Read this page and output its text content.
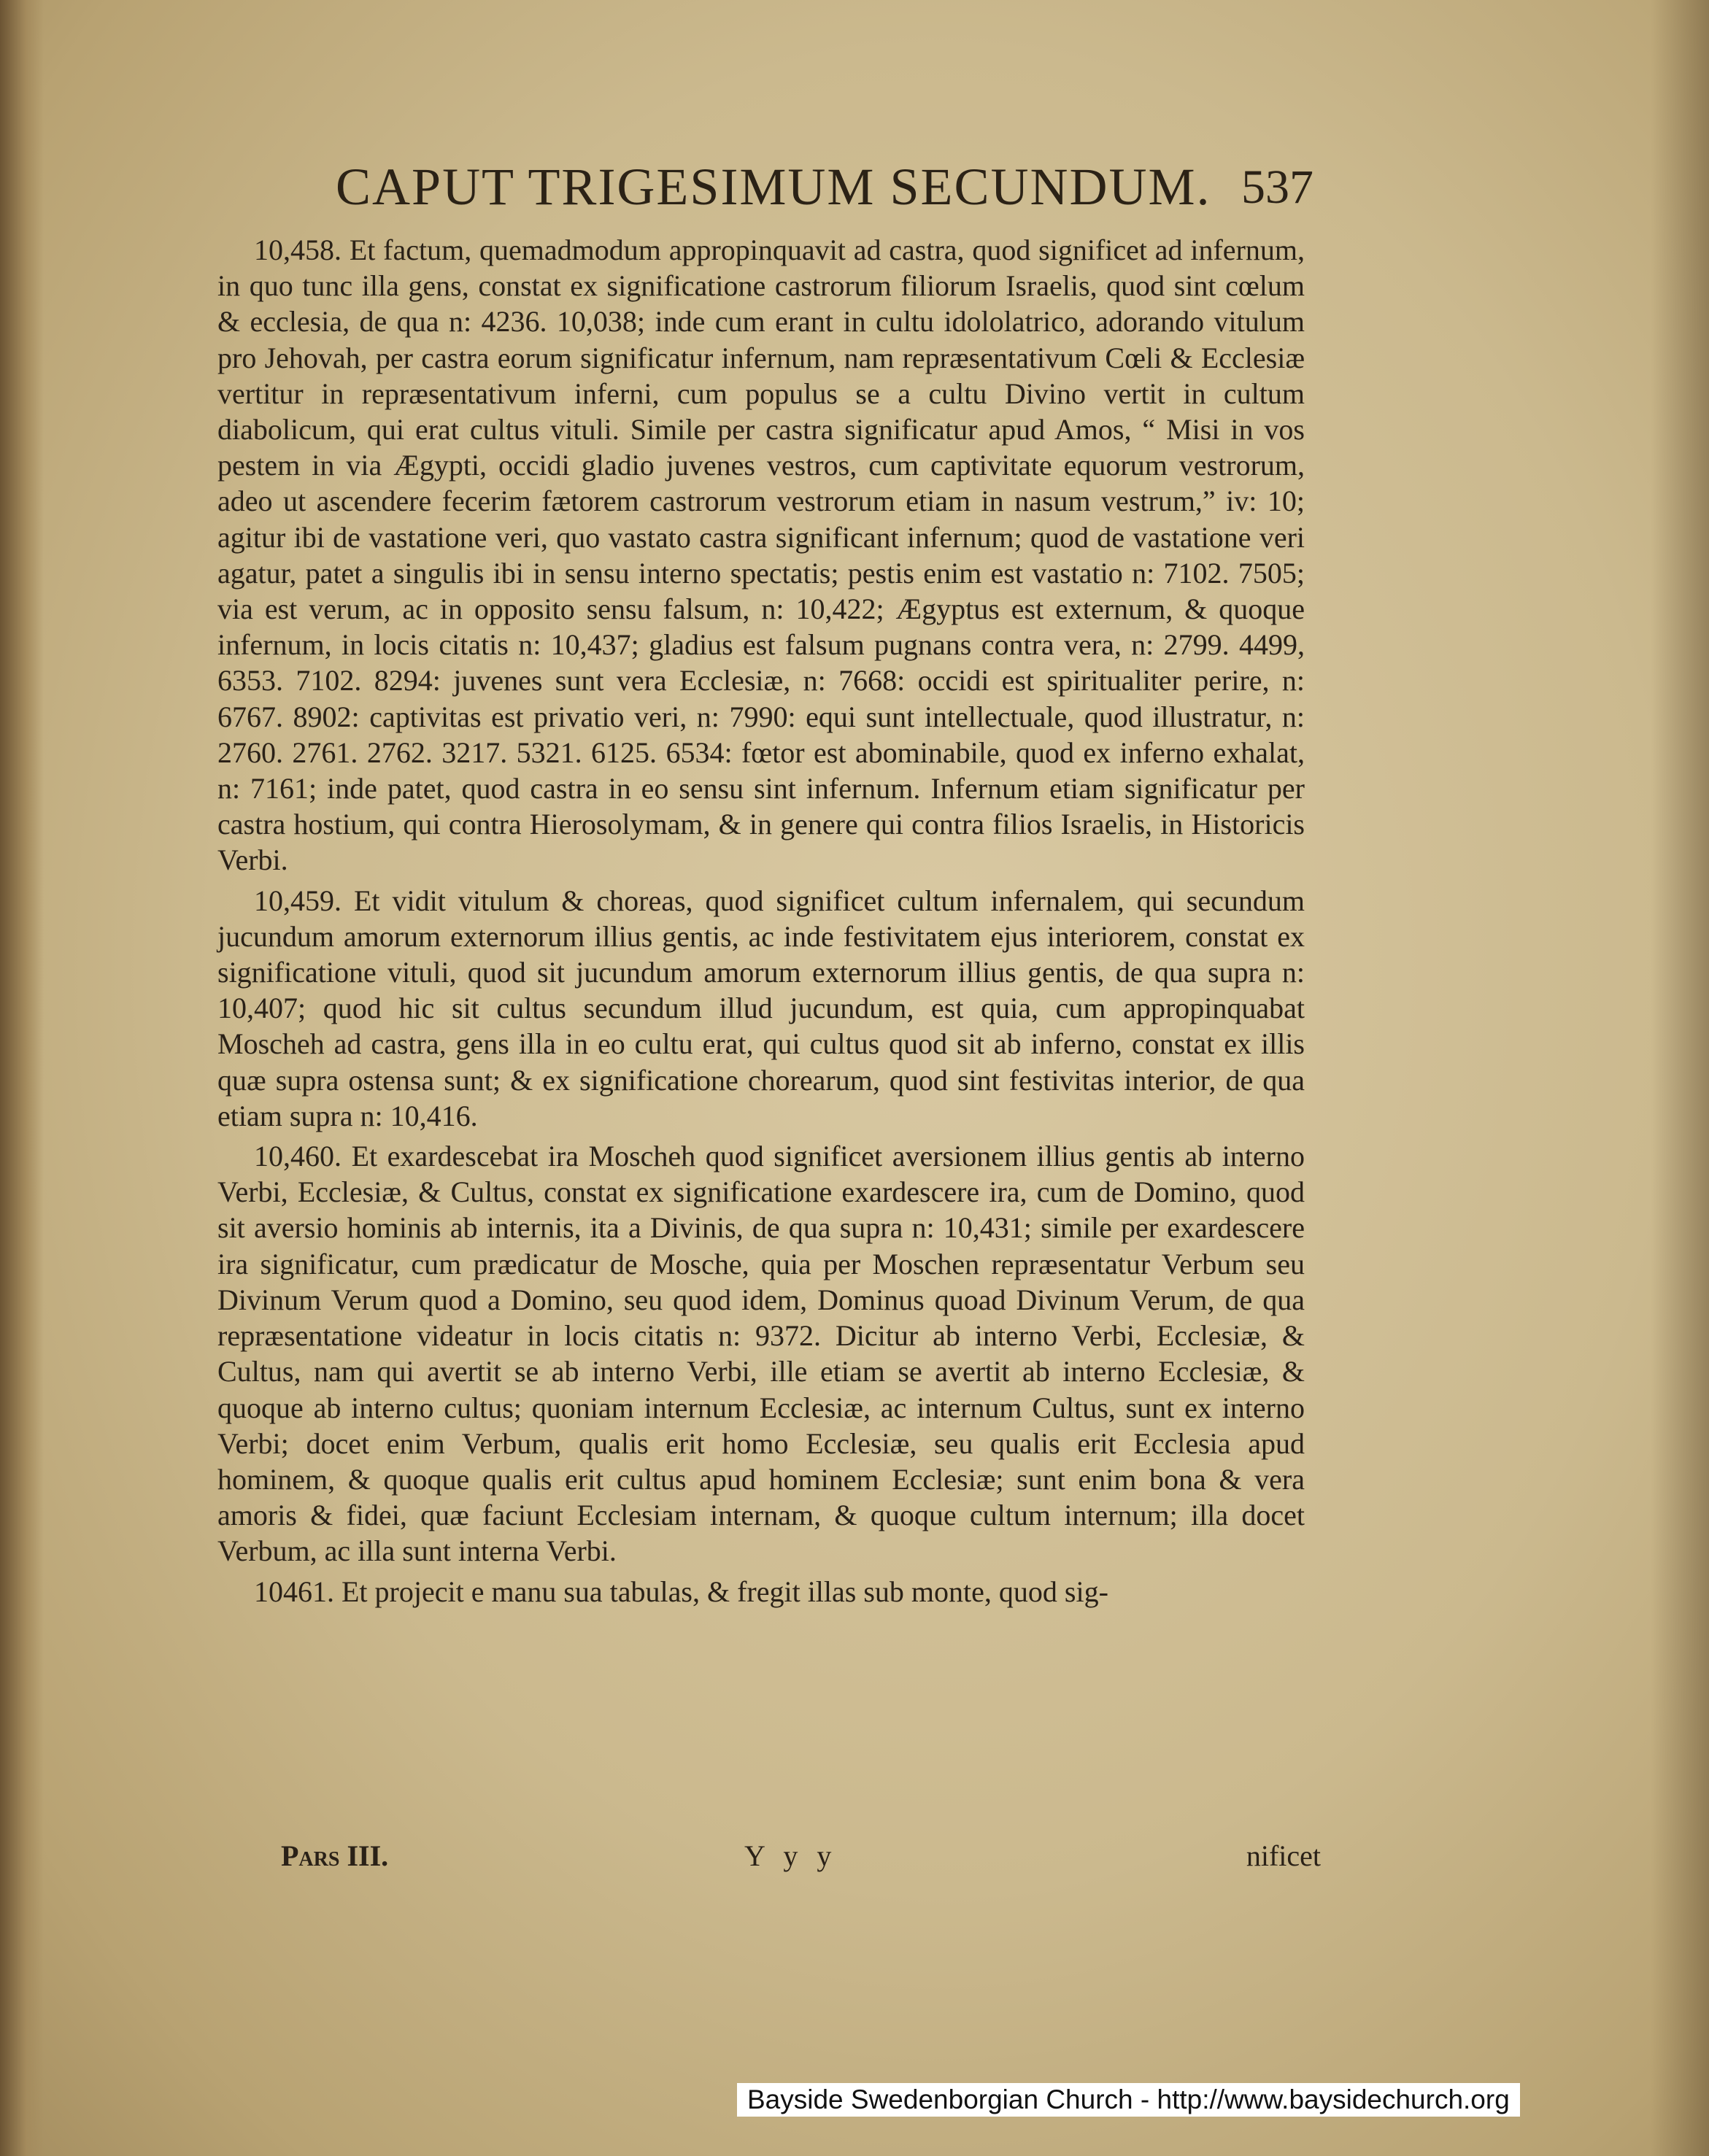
CAPUT TRIGESIMUM SECUNDUM. 537

10,458. Et factum, quemadmodum appropinquavit ad castra, quod significet ad infernum, in quo tunc illa gens, constat ex significatione castrorum filiorum Israelis, quod sint cœlum & ecclesia, de qua n: 4236. 10,038; inde cum erant in cultu idololatrico, adorando vitulum pro Jehovah, per castra eorum significatur infernum, nam repræsentativum Cœli & Ecclesiæ vertitur in repræsentativum inferni, cum populus se a cultu Divino vertit in cultum diabolicum, qui erat cultus vituli. Simile per castra significatur apud Amos, “ Misi in vos pestem in via Ægypti, occidi gladio juvenes vestros, cum captivitate equorum vestrorum, adeo ut ascendere fecerim fætorem castrorum vestrorum etiam in nasum vestrum,” iv: 10; agitur ibi de vastatione veri, quo vastato castra significant infernum; quod de vastatione veri agatur, patet a singulis ibi in sensu interno spectatis; pestis enim est vastatio n: 7102. 7505; via est verum, ac in opposito sensu falsum, n: 10,422; Ægyptus est externum, & quoque infernum, in locis citatis n: 10,437; gladius est falsum pugnans contra vera, n: 2799. 4499, 6353. 7102. 8294: juvenes sunt vera Ecclesiæ, n: 7668: occidi est spiritualiter perire, n: 6767. 8902: captivitas est privatio veri, n: 7990: equi sunt intellectuale, quod illustratur, n: 2760. 2761. 2762. 3217. 5321. 6125. 6534: fœtor est abominabile, quod ex inferno exhalat, n: 7161; inde patet, quod castra in eo sensu sint infernum. Infernum etiam significatur per castra hostium, qui contra Hierosolymam, & in genere qui contra filios Israelis, in Historicis Verbi.

10,459. Et vidit vitulum & choreas, quod significet cultum infernalem, qui secundum jucundum amorum externorum illius gentis, ac inde festivitatem ejus interiorem, constat ex significatione vituli, quod sit jucundum amorum externorum illius gentis, de qua supra n: 10,407; quod hic sit cultus secundum illud jucundum, est quia, cum appropinquabat Moscheh ad castra, gens illa in eo cultu erat, qui cultus quod sit ab inferno, constat ex illis quæ supra ostensa sunt; & ex significatione chorearum, quod sint festivitas interior, de qua etiam supra n: 10,416.

10,460. Et exardescebat ira Moscheh quod significet aversionem illius gentis ab interno Verbi, Ecclesiæ, & Cultus, constat ex significatione exardescere ira, cum de Domino, quod sit aversio hominis ab internis, ita a Divinis, de qua supra n: 10,431; simile per exardescere ira significatur, cum prædicatur de Mosche, quia per Moschen repræsentatur Verbum seu Divinum Verum quod a Domino, seu quod idem, Dominus quoad Divinum Verum, de qua repræsentatione videatur in locis citatis n: 9372. Dicitur ab interno Verbi, Ecclesiæ, & Cultus, nam qui avertit se ab interno Verbi, ille etiam se avertit ab interno Ecclesiæ, & quoque ab interno cultus; quoniam internum Ecclesiæ, ac internum Cultus, sunt ex interno Verbi; docet enim Verbum, qualis erit homo Ecclesiæ, seu qualis erit Ecclesia apud hominem, & quoque qualis erit cultus apud hominem Ecclesiæ; sunt enim bona & vera amoris & fidei, quæ faciunt Ecclesiam internam, & quoque cultum internum; illa docet Verbum, ac illa sunt interna Verbi.

10461. Et projecit e manu sua tabulas, & fregit illas sub monte, quod sig-

Pars III.	Y y y	nificet
Bayside Swedenborgian Church - http://www.baysidechurch.org
